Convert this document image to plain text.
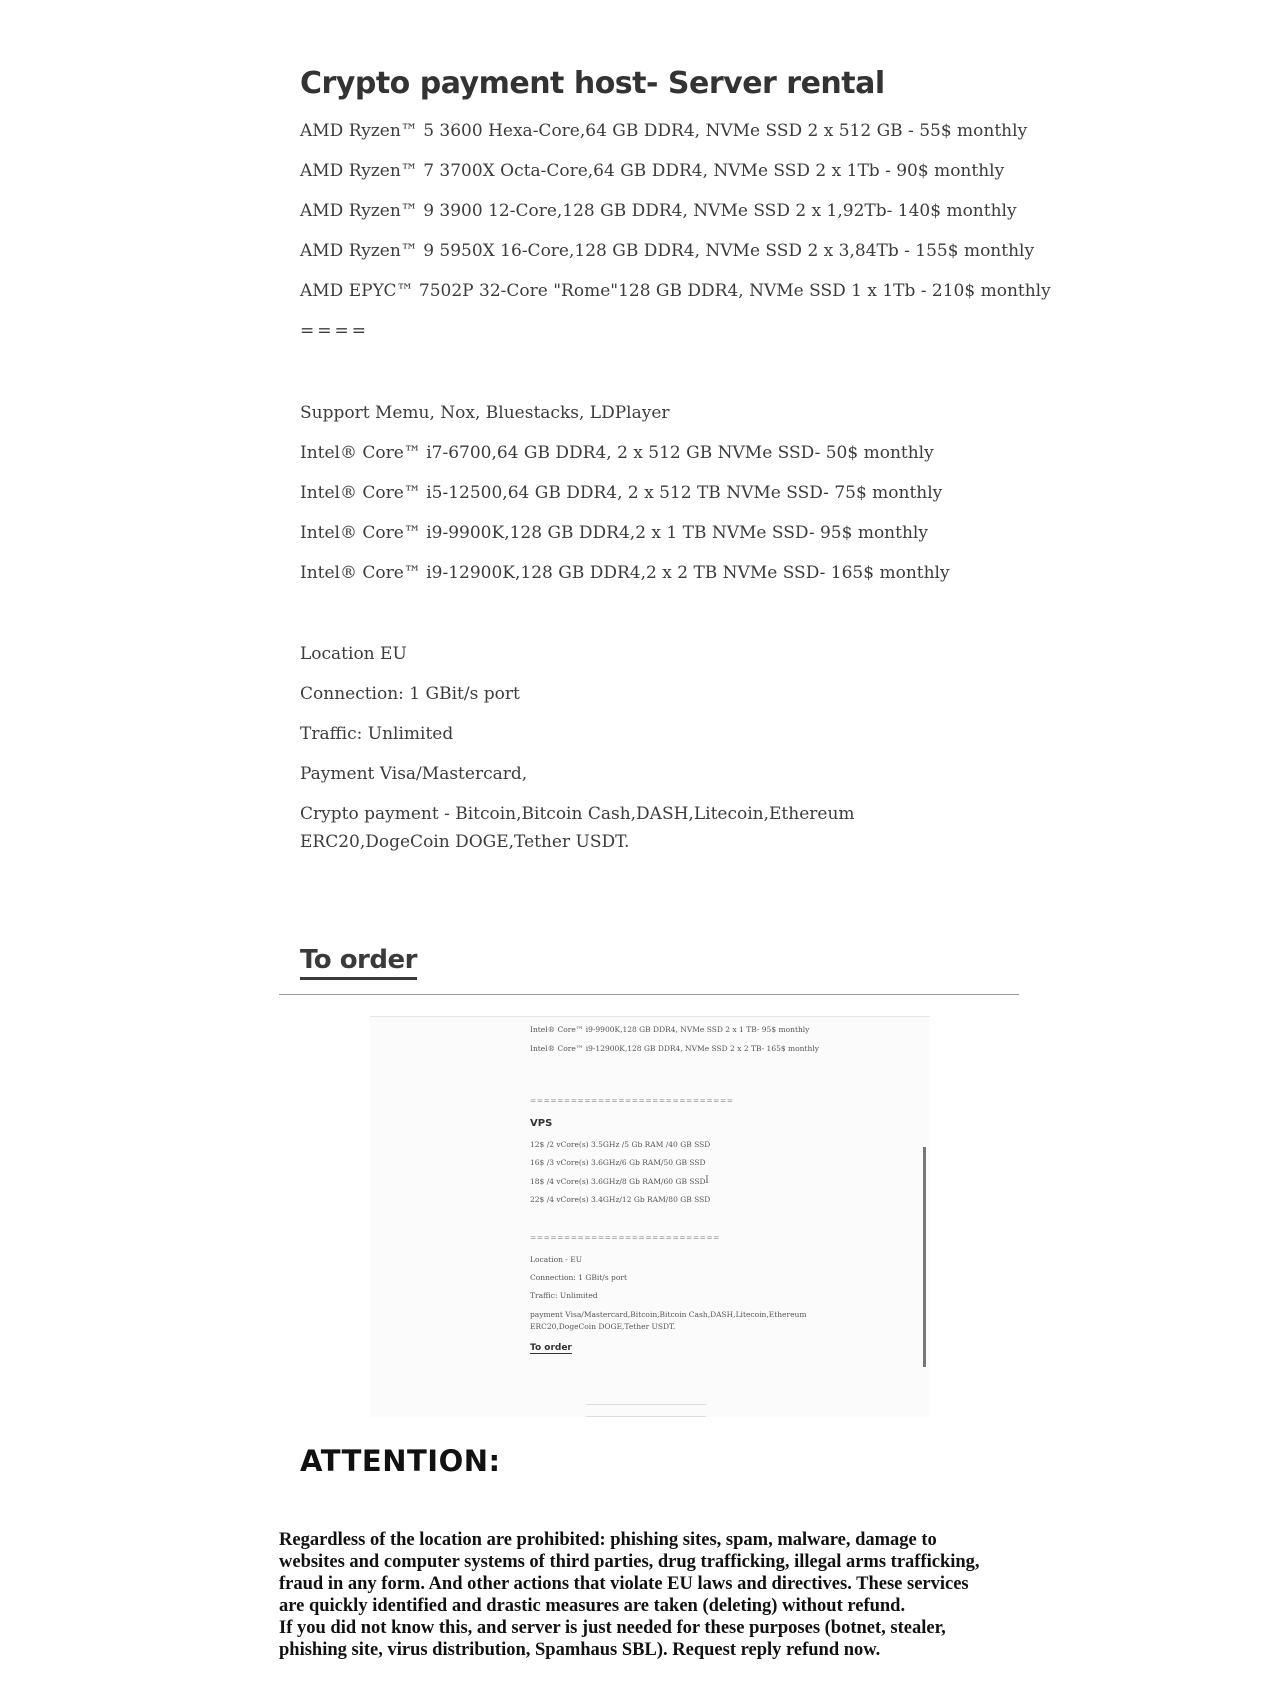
Crypto payment host- Server rental

AMD Ryzen™ 5 3600 Hexa-Core,64 GB DDR4, NVMe SSD 2 x 512 GB - 55$ monthly

AMD Ryzen™ 7 3700X Octa-Core,64 GB DDR4, NVMe SSD 2 x 1Tb - 90$ monthly

AMD Ryzen™ 9 3900 12-Core,128 GB DDR4, NVMe SSD 2 x 1,92Tb- 140$ monthly

AMD Ryzen™ 9 5950X 16-Core,128 GB DDR4, NVMe SSD 2 x 3,84Tb - 155$ monthly

AMD EPYC™ 7502P 32-Core "Rome"128 GB DDR4, NVMe SSD 1 x 1Tb - 210$ monthly

====

Support Memu, Nox, Bluestacks, LDPlayer

Intel® Core™ i7-6700,64 GB DDR4, 2 x 512 GB NVMe SSD- 50$ monthly

Intel® Core™ i5-12500,64 GB DDR4, 2 x 512 TB NVMe SSD- 75$ monthly

Intel® Core™ i9-9900K,128 GB DDR4,2 x 1 TB NVMe SSD- 95$ monthly

Intel® Core™ i9-12900K,128 GB DDR4,2 x 2 TB NVMe SSD- 165$ monthly

Location EU

Connection: 1 GBit/s port

Traffic: Unlimited

Payment Visa/Mastercard,

Crypto payment - Bitcoin,Bitcoin Cash,DASH,Litecoin,Ethereum ERC20,DogeCoin DOGE,Tether USDT.

To order

Intel® Core™ i9-9900K,128 GB DDR4, NVMe SSD 2 x 1 TB- 95$ monthly

Intel® Core™ i9-12900K,128 GB DDR4, NVMe SSD 2 x 2 TB- 165$ monthly

==============================

VPS

12$ /2 vCore(s) 3.5GHz /5 Gb RAM /40 GB SSD

16$ /3 vCore(s) 3.6GHz/6 Gb RAM/50 GB SSD

18$ /4 vCore(s) 3.6GHz/8 Gb RAM/60 GB SSD

22$ /4 vCore(s) 3.4GHz/12 Gb RAM/80 GB SSD

============================

Location - EU

Connection: 1 GBit/s port

Traffic: Unlimited

payment Visa/Mastercard,Bitcoin,Bitcoin Cash,DASH,Litecoin,Ethereum

ERC20,DogeCoin DOGE,Tether USDT.

To order

I
ATTENTION:

Regardless of the location are prohibited: phishing sites, spam, malware, damage to
websites and computer systems of third parties, drug trafficking, illegal arms trafficking,
fraud in any form. And other actions that violate EU laws and directives. These services
are quickly identified and drastic measures are taken (deleting) without refund.
If you did not know this, and server is just needed for these purposes (botnet, stealer,
phishing site, virus distribution, Spamhaus SBL). Request reply refund now.
